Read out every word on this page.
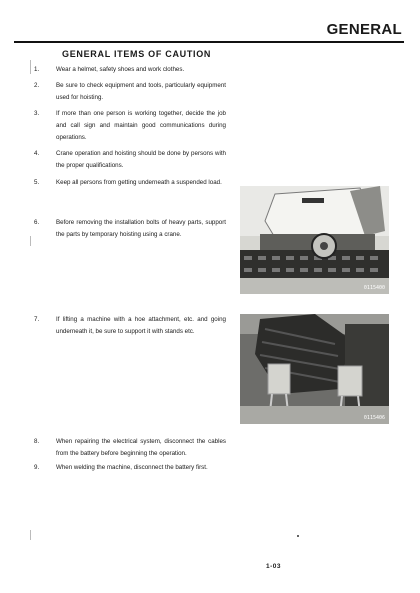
GENERAL
GENERAL ITEMS OF CAUTION
1.	Wear a helmet, safety shoes and work clothes.
2.	Be sure to check equipment and tools, particularly equipment used for hoisting.
3.	If more than one person is working together, decide the job and call sign and maintain good communications during operations.
4.	Crane operation and hoisting should be done by persons with the proper qualifications.
5.	Keep all persons from getting underneath a suspended load.
6.	Before removing the installation bolts of heavy parts, support the parts by temporary hoisting using a crane.
7.	If lifting a machine with a hoe attachment, etc. and going underneath it, be sure to support it with stands etc.
8.	When repairing the electrical system, disconnect the cables from the battery before beginning the operation.
9.	When welding the machine, disconnect the battery first.
0115400
0115406
1-03
